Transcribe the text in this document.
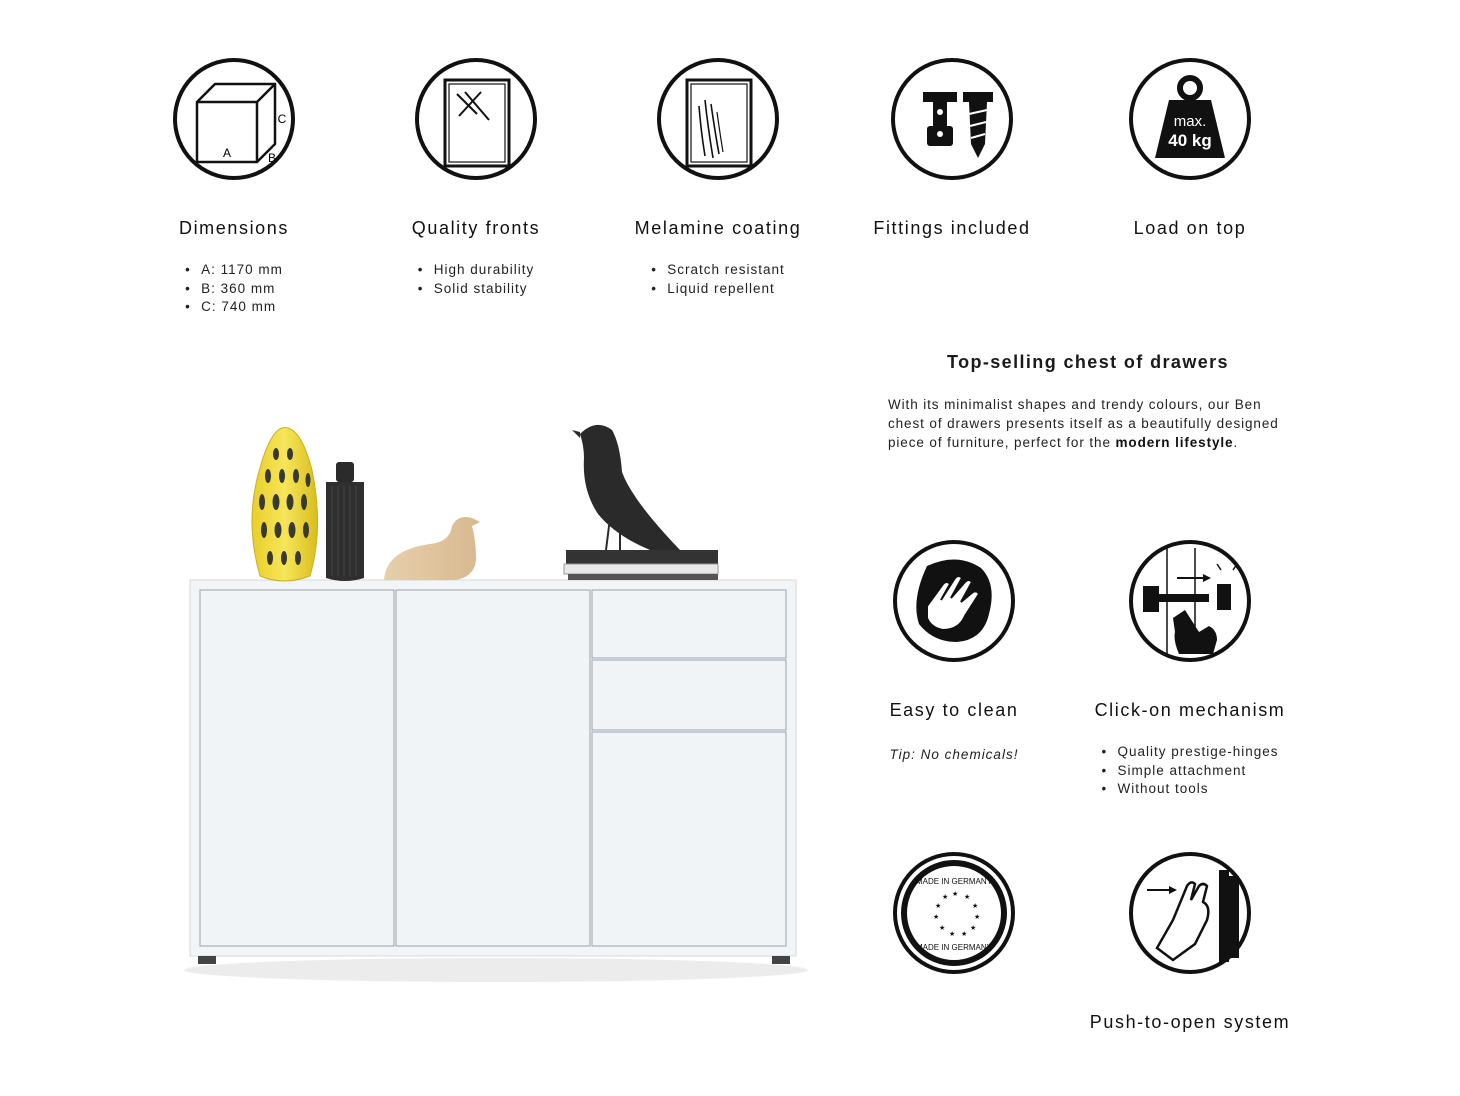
A	B
C
Dimensions
• A: 1170 mm
• B: 360 mm
• C: 740 mm
Quality fronts
• High durability
• Solid stability
Melamine coating
• Scratch resistant
• Liquid repellent
Fittings included
max.
40 kg
Load on top

Top-selling chest of drawers

With its minimalist shapes and trendy colours, our Ben chest of drawers presents itself as a beautifully designed piece of furniture, perfect for the modern lifestyle.

Easy to clean
Tip: No chemicals!
Click-on mechanism
• Quality prestige-hinges
• Simple attachment
• Without tools
MADE IN GERMANY
MADE IN GERMANY
★ ★
★
★
★
★
★
★
★
★
★
Push-to-open system
